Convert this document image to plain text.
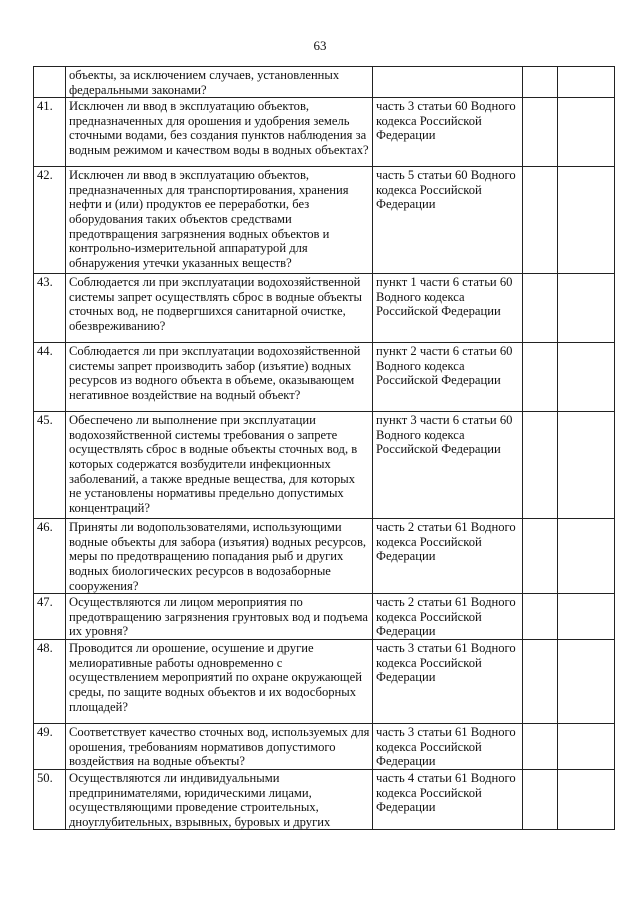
63
	объекты, за исключением случаев, установленных федеральными законами?			
41.	Исключен ли ввод в эксплуатацию объектов, предназначенных для орошения и удобрения земель сточными водами, без создания пунктов наблюдения за водным режимом и качеством воды в водных объектах?	часть 3 статьи 60 Водного кодекса Российской Федерации		
42.	Исключен ли ввод в эксплуатацию объектов, предназначенных для транспортирования, хранения нефти и (или) продуктов ее переработки, без оборудования таких объектов средствами предотвращения загрязнения водных объектов и контрольно-измерительной аппаратурой для обнаружения утечки указанных веществ?	часть 5 статьи 60 Водного кодекса Российской Федерации		
43.	Соблюдается ли при эксплуатации водохозяйственной системы запрет осуществлять сброс в водные объекты сточных вод, не подвергшихся санитарной очистке, обезвреживанию?	пункт 1 части 6 статьи 60 Водного кодекса Российской Федерации		
44.	Соблюдается ли при эксплуатации водохозяйственной системы запрет производить забор (изъятие) водных ресурсов из водного объекта в объеме, оказывающем негативное воздействие на водный объект?	пункт 2 части 6 статьи 60 Водного кодекса Российской Федерации		
45.	Обеспечено ли выполнение при эксплуатации водохозяйственной системы требования о запрете осуществлять сброс в водные объекты сточных вод, в которых содержатся возбудители инфекционных заболеваний, а также вредные вещества, для которых не установлены нормативы предельно допустимых концентраций?	пункт 3 части 6 статьи 60 Водного кодекса Российской Федерации		
46.	Приняты ли водопользователями, использующими водные объекты для забора (изъятия) водных ресурсов, меры по предотвращению попадания рыб и других водных биологических ресурсов в водозаборные сооружения?	часть 2 статьи 61 Водного кодекса Российской Федерации		
47.	Осуществляются ли лицом мероприятия по предотвращению загрязнения грунтовых вод и подъема их уровня?	часть 2 статьи 61 Водного кодекса Российской Федерации		
48.	Проводится ли орошение, осушение и другие мелиоративные работы одновременно с осуществлением мероприятий по охране окружающей среды, по защите водных объектов и их водосборных площадей?	часть 3 статьи 61 Водного кодекса Российской Федерации		
49.	Соответствует качество сточных вод, используемых для орошения, требованиям нормативов допустимого воздействия на водные объекты?	часть 3 статьи 61 Водного кодекса Российской Федерации		
50.	Осуществляются ли индивидуальными предпринимателями, юридическими лицами, осуществляющими проведение строительных, дноуглубительных, взрывных, буровых и других	часть 4 статьи 61 Водного кодекса Российской Федерации		
